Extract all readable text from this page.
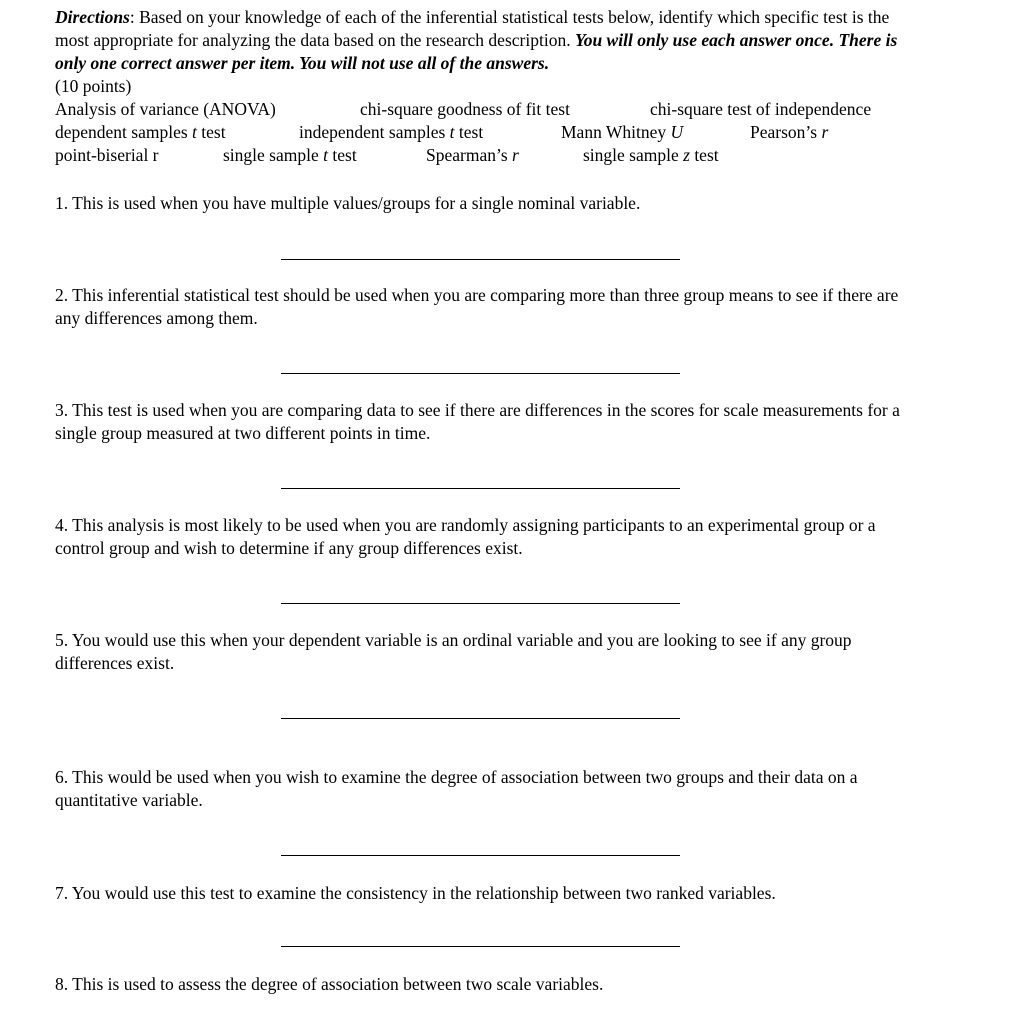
Directions: Based on your knowledge of each of the inferential statistical tests below, identify which specific test is the most appropriate for analyzing the data based on the research description. You will only use each answer once. There is only one correct answer per item. You will not use all of the answers.
(10 points)

Analysis of variance (ANOVA)	chi-square goodness of fit test	chi-square test of independence
dependent samples t test	independent samples t test	Mann Whitney U	Pearson’s r
point-biserial r	single sample t test	Spearman’s r	single sample z test

1. This is used when you have multiple values/groups for a single nominal variable.

2. This inferential statistical test should be used when you are comparing more than three group means to see if there are any differences among them.

3. This test is used when you are comparing data to see if there are differences in the scores for scale measurements for a single group measured at two different points in time.

4. This analysis is most likely to be used when you are randomly assigning participants to an experimental group or a control group and wish to determine if any group differences exist.

5. You would use this when your dependent variable is an ordinal variable and you are looking to see if any group differences exist.

6. This would be used when you wish to examine the degree of association between two groups and their data on a quantitative variable.

7. You would use this test to examine the consistency in the relationship between two ranked variables.

8. This is used to assess the degree of association between two scale variables.
